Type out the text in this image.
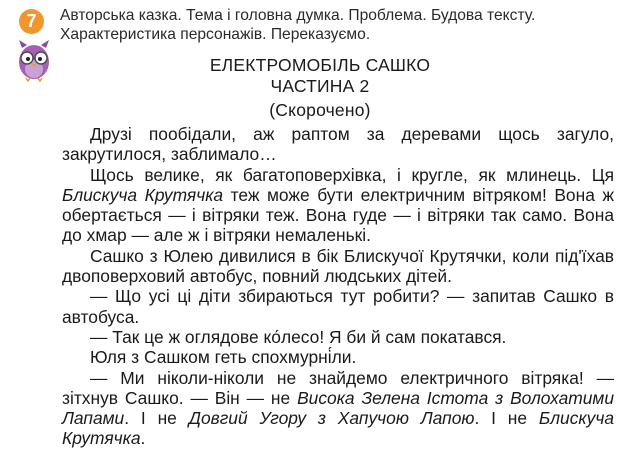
7	Авторська казка. Тема і головна думка. Проблема. Будова тексту. Характеристика персонажів. Переказуємо.
ЕЛЕКТРОМОБІЛЬ САШКО
ЧАСТИНА 2
(Скорочено)

Друзі пообідали, аж раптом за деревами щось загуло, закрутилося, заблимало…

Щось велике, як багатоповерхівка, і кругле, як млинець. Ця Блискуча Крутячка теж може бути електричним вітряком! Вона ж обертається — і вітряки теж. Вона гуде — і вітряки так само. Вона до хмар — але ж і вітряки немаленькі.

Сашко з Юлею дивилися в бік Блискучої Крутячки, коли під'їхав двоповерховий автобус, повний людських дітей.

— Що усі ці діти збираються тут робити? — запитав Сашко в автобуса.

— Так це ж оглядове ко́лесо! Я би й сам покатався.

Юля з Сашком геть спохмурні́ли.

— Ми ніколи-ніколи не знайдемо електричного вітряка! — зітхнув Сашко. — Він — не Висока Зелена Істота з Волохатими Лапами. І не Довгий Угору з Хапучою Лапою. І не Блискуча Крутячка.
